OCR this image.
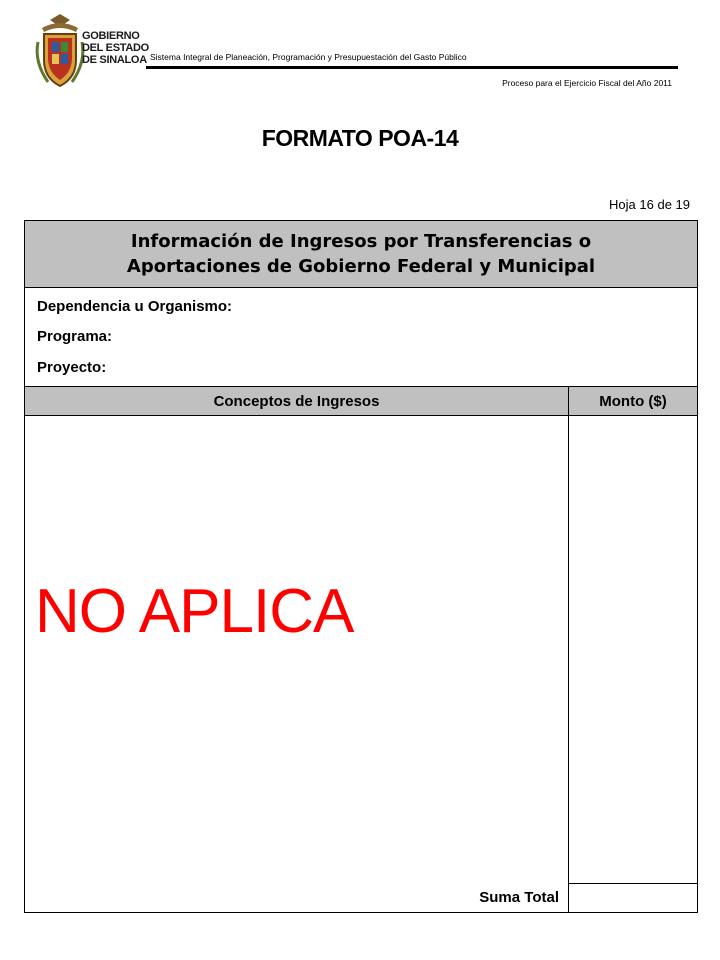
GOBIERNO
DEL ESTADO
DE SINALOA Sistema Integral de Planeación, Programación y Presupuestación del Gasto Público
Proceso para el Ejercicio Fiscal del Año 2011
FORMATO POA-14
Hoja 16 de 19
Información de Ingresos por Transferencias o
Aportaciones de Gobierno Federal y Municipal
Dependencia u Organismo:
Programa:
Proyecto:
Conceptos de Ingresos	Monto ($)
NO APLICA
Suma Total
